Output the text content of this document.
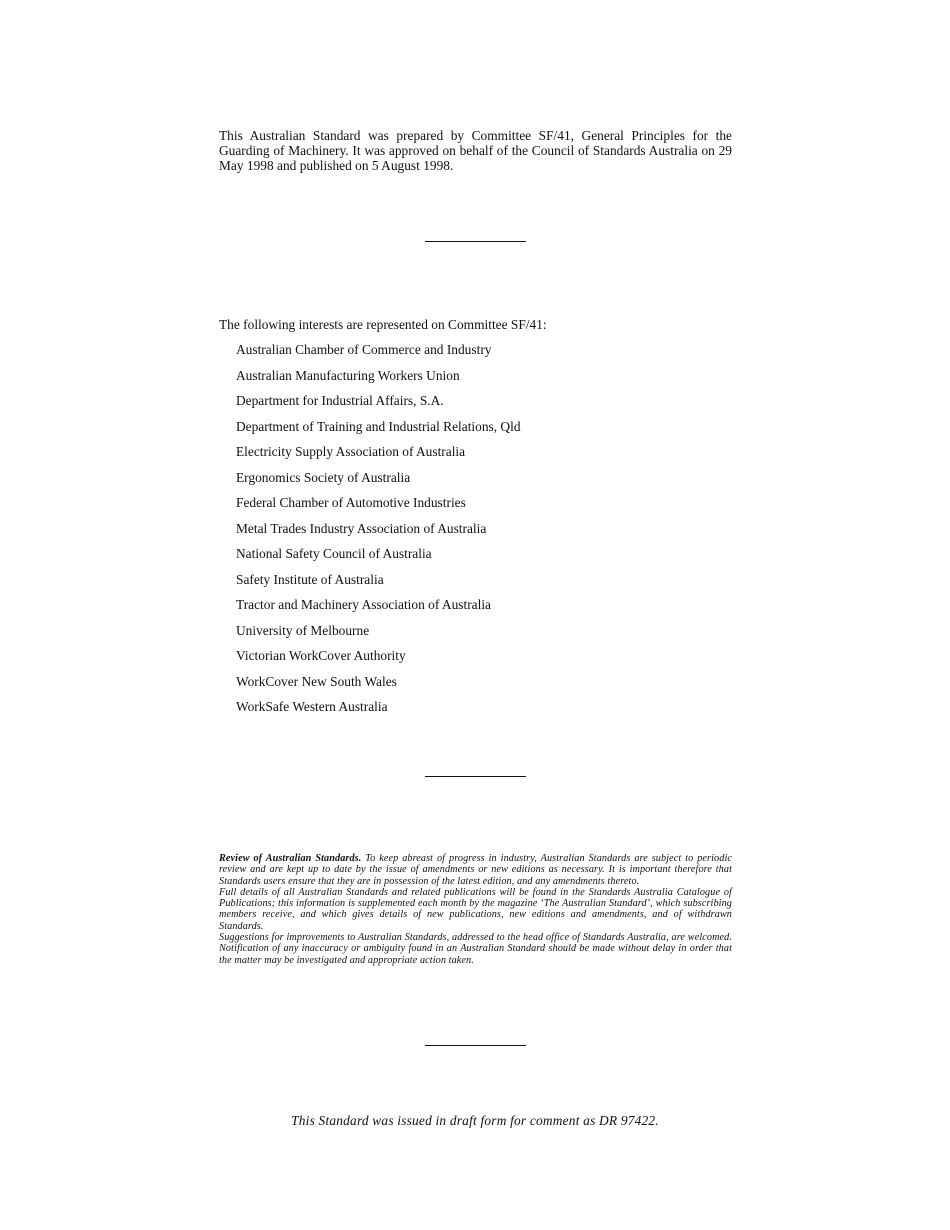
This Australian Standard was prepared by Committee SF/41, General Principles for the Guarding of Machinery. It was approved on behalf of the Council of Standards Australia on 29 May 1998 and published on 5 August 1998.

The following interests are represented on Committee SF/41:

Australian Chamber of Commerce and Industry
Australian Manufacturing Workers Union
Department for Industrial Affairs, S.A.
Department of Training and Industrial Relations, Qld
Electricity Supply Association of Australia
Ergonomics Society of Australia
Federal Chamber of Automotive Industries
Metal Trades Industry Association of Australia
National Safety Council of Australia
Safety Institute of Australia
Tractor and Machinery Association of Australia
University of Melbourne
Victorian WorkCover Authority
WorkCover New South Wales
WorkSafe Western Australia

Review of Australian Standards. To keep abreast of progress in industry, Australian Standards are subject to periodic review and are kept up to date by the issue of amendments or new editions as necessary. It is important therefore that Standards users ensure that they are in possession of the latest edition, and any amendments thereto.

Full details of all Australian Standards and related publications will be found in the Standards Australia Catalogue of Publications; this information is supplemented each month by the magazine ‘The Australian Standard’, which subscribing members receive, and which gives details of new publications, new editions and amendments, and of withdrawn Standards.

Suggestions for improvements to Australian Standards, addressed to the head office of Standards Australia, are welcomed. Notification of any inaccuracy or ambiguity found in an Australian Standard should be made without delay in order that the matter may be investigated and appropriate action taken.

This Standard was issued in draft form for comment as DR 97422.
